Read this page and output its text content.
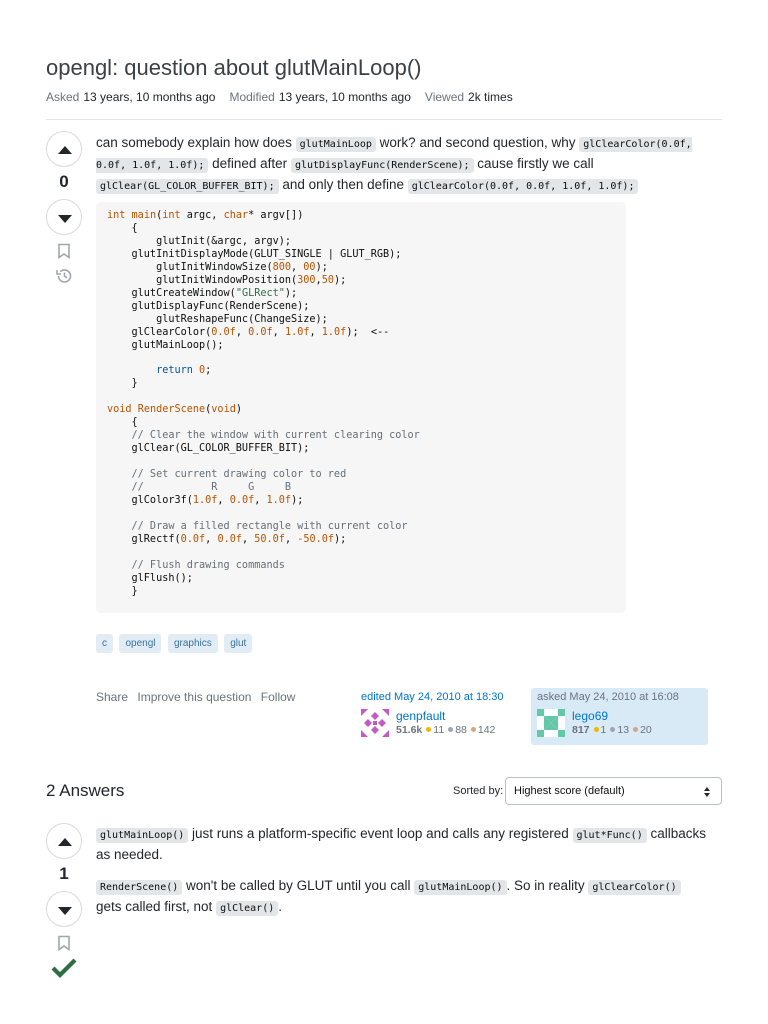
opengl: question about glutMainLoop()
Asked 13 years, 10 months ago Modified 13 years, 10 months ago Viewed 2k times
0
can somebody explain how does glutMainLoop work? and second question, why glClearColor(0.0f, 0.0f, 1.0f, 1.0f); defined after glutDisplayFunc(RenderScene); cause firstly we call glClear(GL_COLOR_BUFFER_BIT); and only then define glClearColor(0.0f, 0.0f, 1.0f, 1.0f);
int main(int argc, char* argv[])
{
glutInit(&argc, argv);
glutInitDisplayMode(GLUT_SINGLE | GLUT_RGB);
glutInitWindowSize(800, 00);
glutInitWindowPosition(300,50);
glutCreateWindow("GLRect");
glutDisplayFunc(RenderScene);
glutReshapeFunc(ChangeSize);
glClearColor(0.0f, 0.0f, 1.0f, 1.0f);  <--
glutMainLoop();

return 0;
}

void RenderScene(void)
{
// Clear the window with current clearing color
glClear(GL_COLOR_BUFFER_BIT);

// Set current drawing color to red
//           R     G     B
glColor3f(1.0f, 0.0f, 1.0f);

// Draw a filled rectangle with current color
glRectf(0.0f, 0.0f, 50.0f, -50.0f);

// Flush drawing commands
glFlush();
}
c opengl graphics glut
Share Improve this question Follow	edited May 24, 2010 at 18:30
genpfault
51.6k 11 88 142
asked May 24, 2010 at 16:08
lego69
817 1 13 20
2 Answers	Sorted by: Highest score (default)
1
glutMainLoop() just runs a platform-specific event loop and calls any registered glut*Func() callbacks as needed.
RenderScene() won't be called by GLUT until you call glutMainLoop() . So in reality glClearColor() gets called first, not glClear() .
